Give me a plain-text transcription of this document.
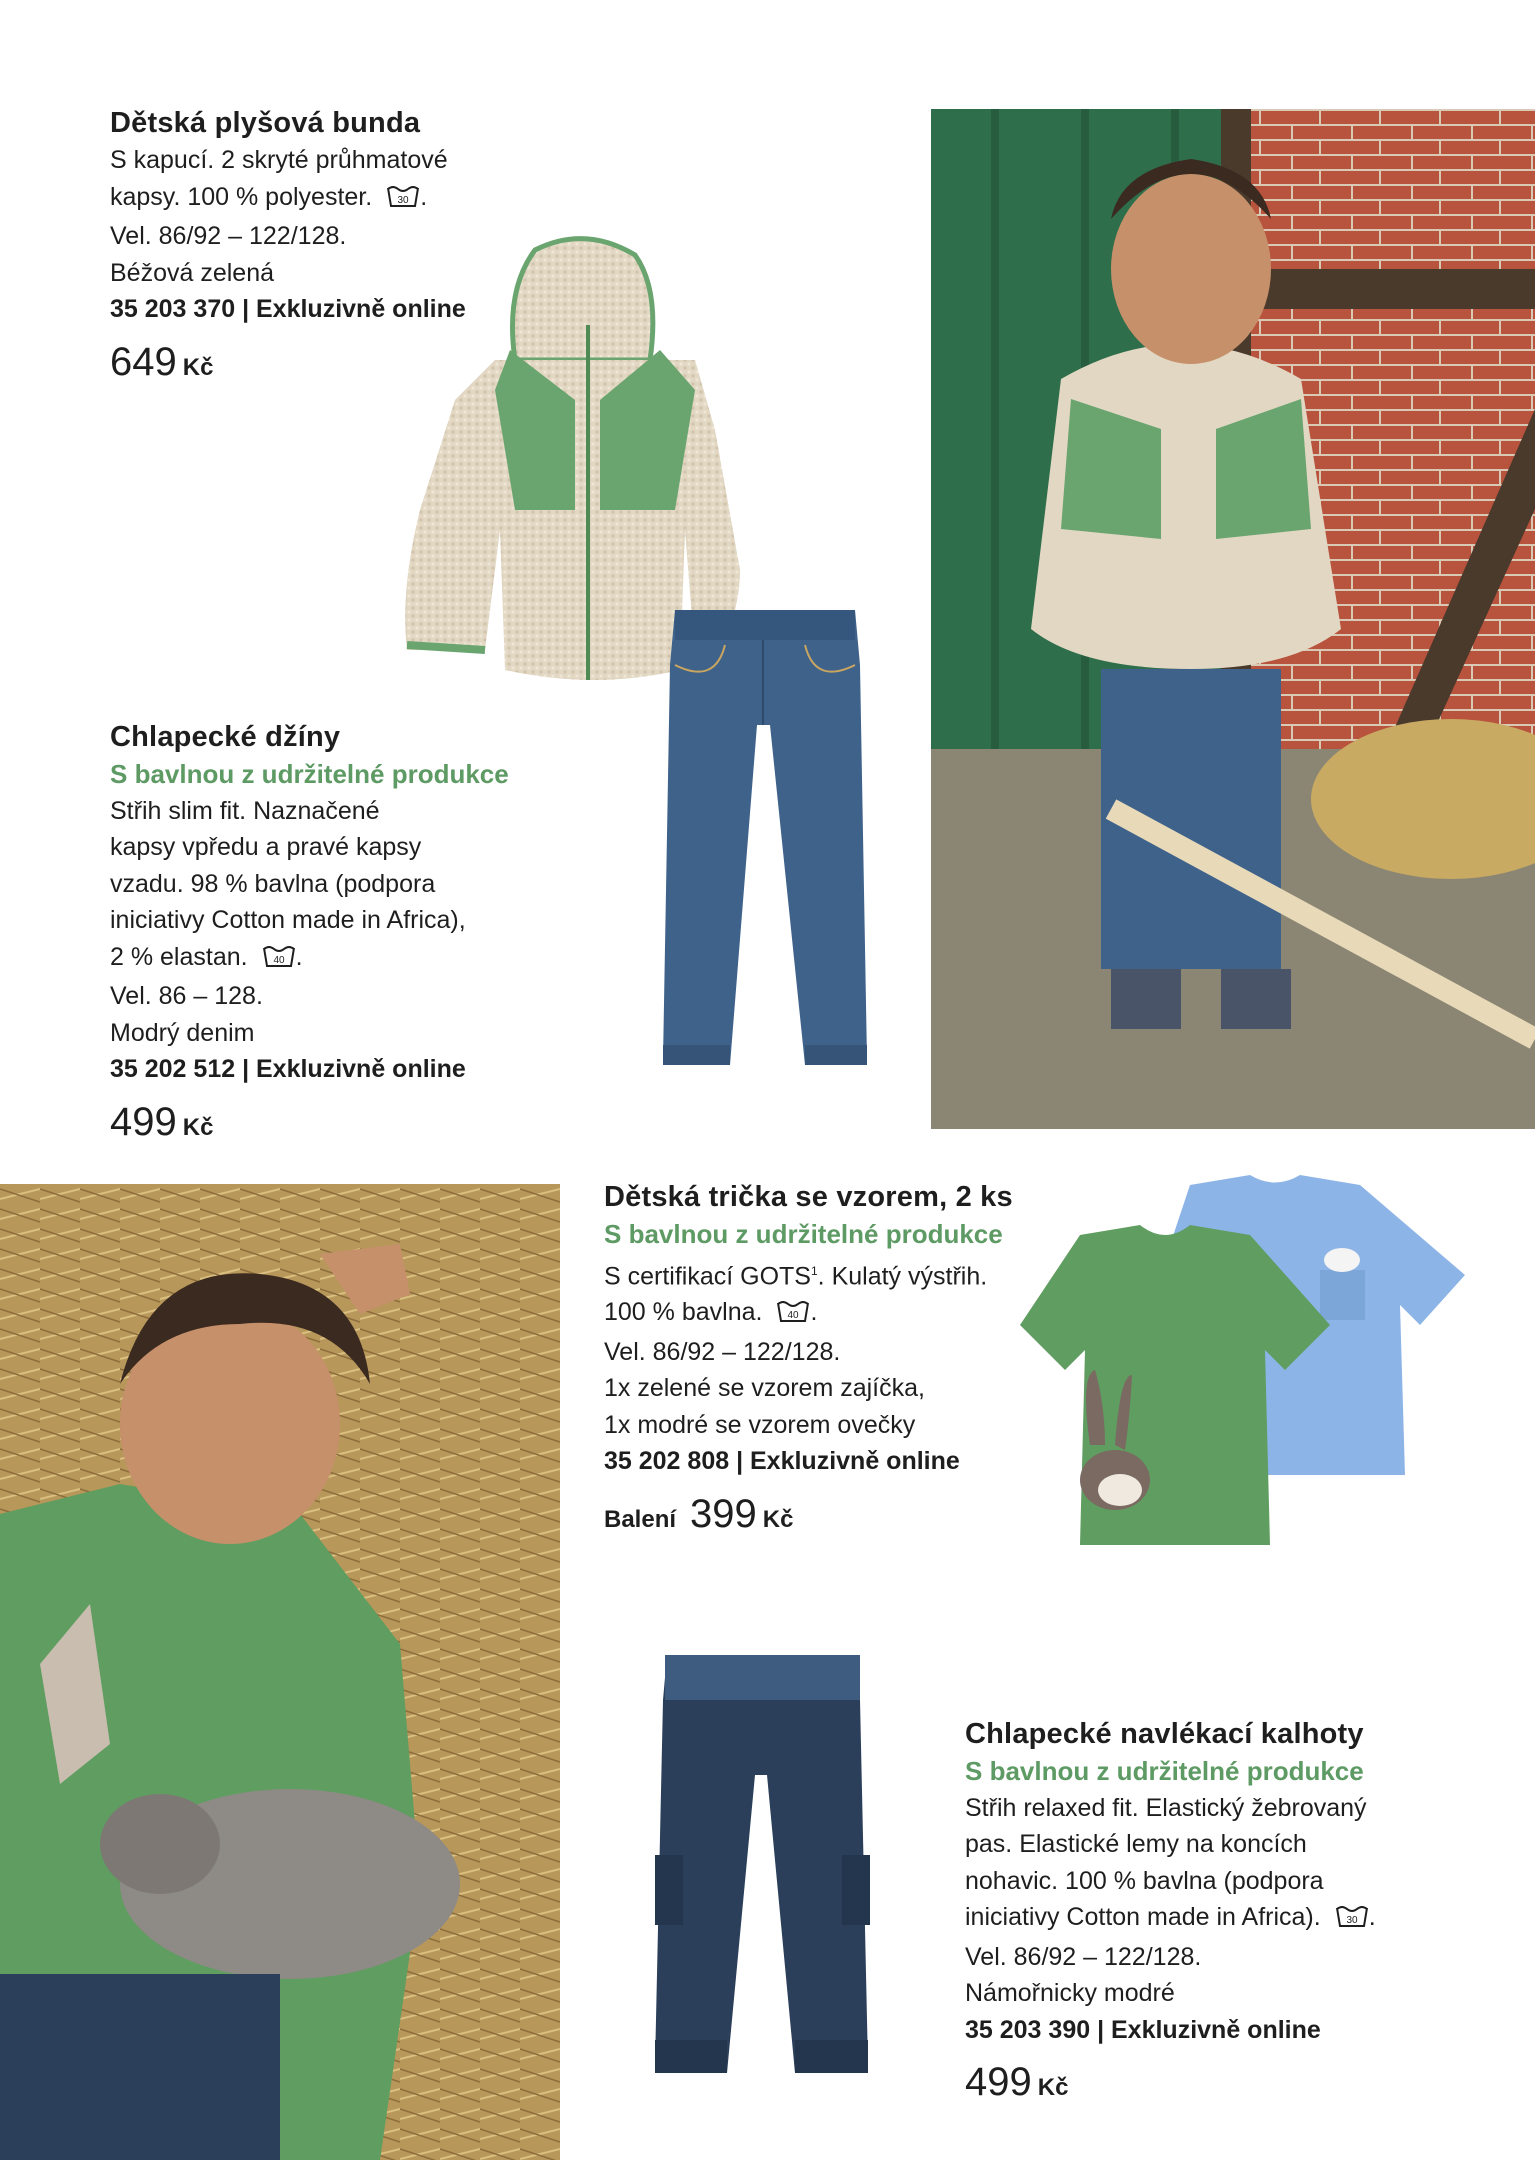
Dětská plyšová bunda
S kapucí. 2 skryté průhmatové
kapsy. 100 % polyester.	30 .
Vel. 86/92 – 122/128.
Béžová zelená
35 203 370 | Exkluzivně online
649 Kč
Chlapecké džíny
S bavlnou z udržitelné produkce
Střih slim fit. Naznačené
kapsy vpředu a pravé kapsy
vzadu. 98 % bavlna (podpora
iniciativy Cotton made in Africa),
2 % elastan.	40 .
Vel. 86 – 128.
Modrý denim
35 202 512 | Exkluzivně online
499 Kč
Dětská trička se vzorem, 2 ks
S bavlnou z udržitelné produkce
S certifikací GOTS$^1$. Kulatý výstřih.
100 % bavlna.	40 .
Vel. 86/92 – 122/128.
1x zelené se vzorem zajíčka,
1x modré se vzorem ovečky
35 202 808 | Exkluzivně online
Balení 399 Kč
Chlapecké navlékací kalhoty
S bavlnou z udržitelné produkce
Střih relaxed fit. Elastický žebrovaný
pas. Elastické lemy na koncích
nohavic. 100 % bavlna (podpora
iniciativy Cotton made in Africa).	30 .
Vel. 86/92 – 122/128.
Námořnicky modré
35 203 390 | Exkluzivně online
499 Kč
